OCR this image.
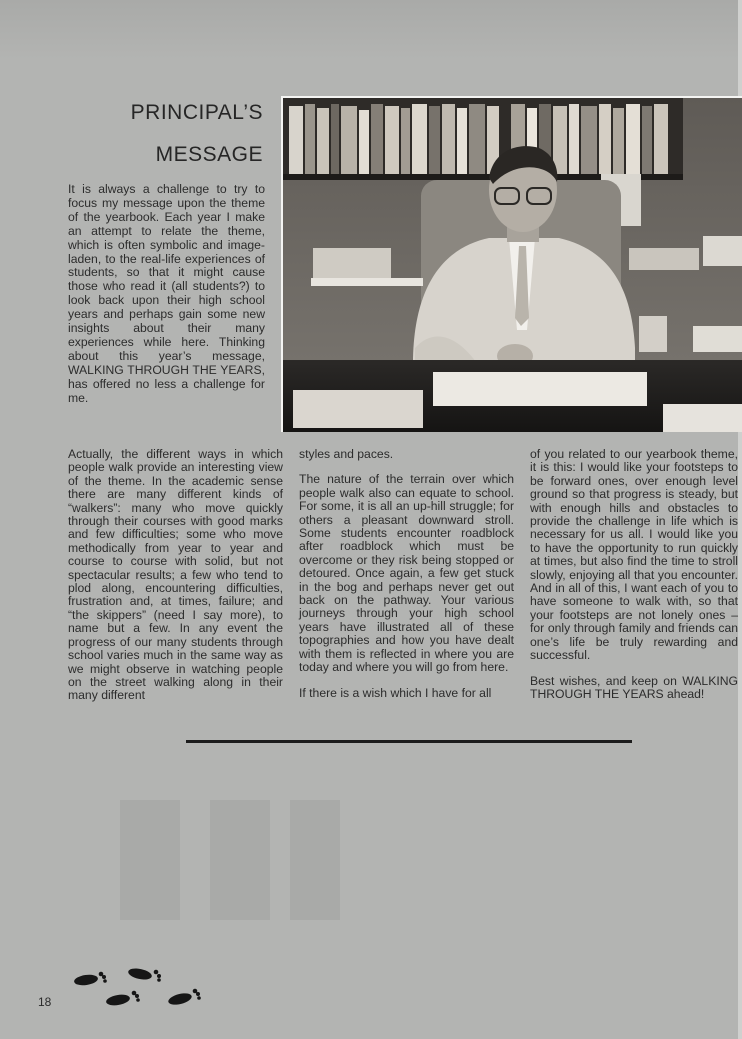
PRINCIPAL’S
MESSAGE
It is always a challenge to try to focus my message upon the theme of the yearbook. Each year I make an attempt to relate the theme, which is often symbolic and image-laden, to the real-life experiences of students, so that it might cause those who read it (all students?) to look back upon their high school years and perhaps gain some new insights about their many experiences while here. Thinking about this year’s message, WALKING THROUGH THE YEARS, has offered no less a challenge for me.

Actually, the different ways in which people walk provide an interesting view of the theme. In the academic sense there are many different kinds of “walkers”: many who move quickly through their courses with good marks and few difficulties; some who move methodically from year to year and course to course with solid, but not spectacular results; a few who tend to plod along, encountering difficulties, frustration and, at times, failure; and “the skippers” (need I say more), to name but a few. In any event the progress of our many students through school varies much in the same way as we might observe in watching people on the street walking along in their many different

styles and paces.

The nature of the terrain over which people walk also can equate to school. For some, it is all an up-hill struggle; for others a pleasant downward stroll. Some students encounter roadblock after roadblock which must be overcome or they risk being stopped or detoured. Once again, a few get stuck in the bog and perhaps never get out back on the pathway. Your various journeys through your high school years have illustrated all of these topographies and how you have dealt with them is reflected in where you are today and where you will go from here.

If there is a wish which I have for all

of you related to our yearbook theme, it is this: I would like your footsteps to be forward ones, over enough level ground so that progress is steady, but with enough hills and obstacles to provide the challenge in life which is necessary for us all. I would like you to have the opportunity to run quickly at times, but also find the time to stroll slowly, enjoying all that you encounter. And in all of this, I want each of you to have someone to walk with, so that your footsteps are not lonely ones – for only through family and friends can one’s life be truly rewarding and successful.

Best wishes, and keep on WALKING THROUGH THE YEARS ahead!

18
